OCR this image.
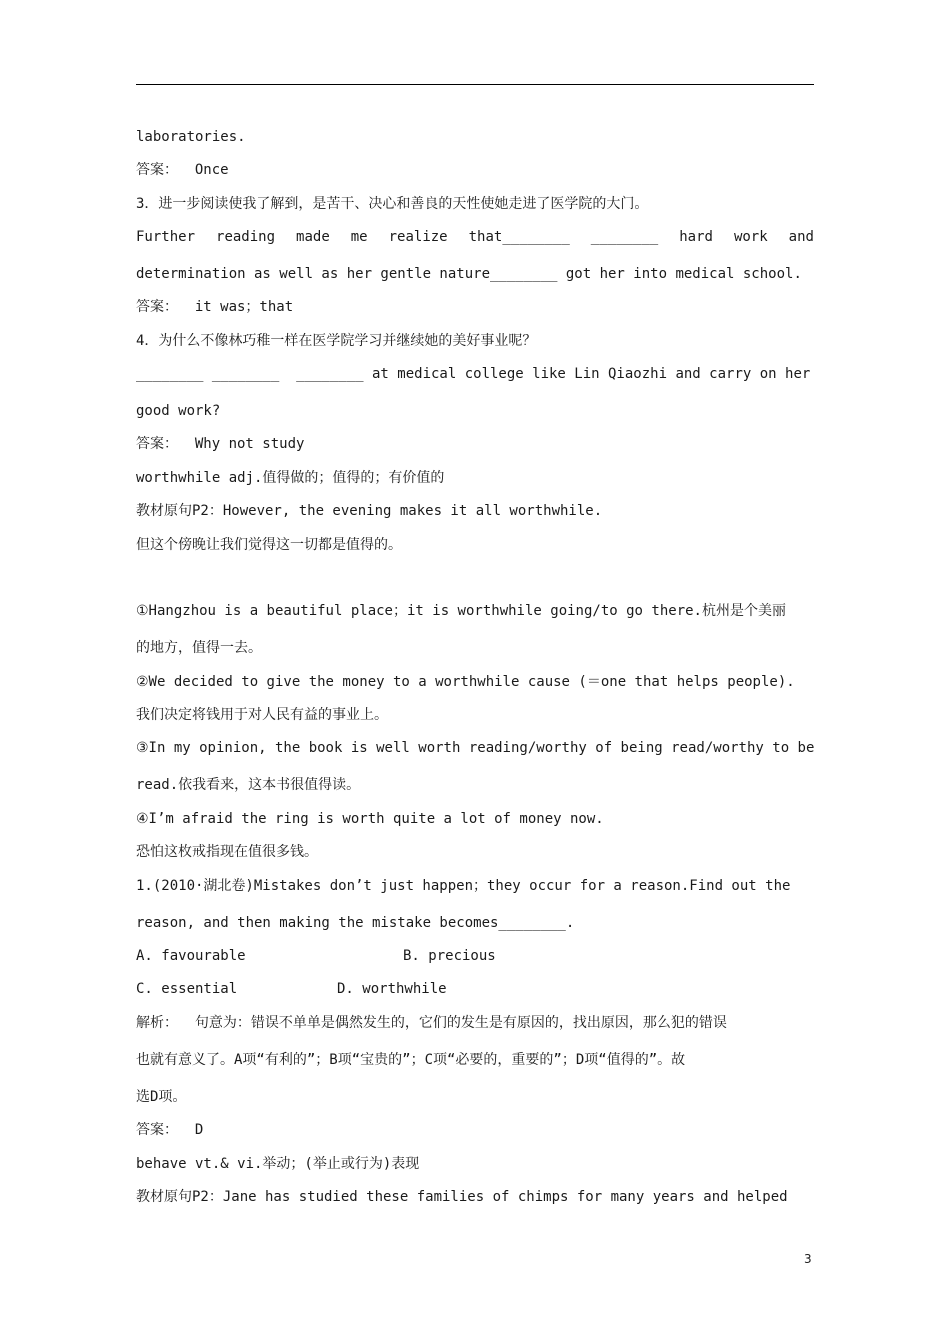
laboratories.
答案：  Once
3．进一步阅读使我了解到，是苦干、决心和善良的天性使她走进了医学院的大门。
Further reading made me realize that________ ________ hard work and
determination as well as her gentle nature________ got her into medical school.
答案：  it was；that
4．为什么不像林巧稚一样在医学院学习并继续她的美好事业呢？
________ ________  ________ at medical college like Lin Qiaozhi and carry on her
good work?
答案：  Why not study
worthwhile adj.值得做的；值得的；有价值的
教材原句P2：However, the evening makes it all worthwhile.
但这个傍晚让我们觉得这一切都是值得的。
①Hangzhou is a beautiful place；it is worthwhile going/to go there.杭州是个美丽
的地方，值得一去。
②We decided to give the money to a worthwhile cause (＝one that helps people).
我们决定将钱用于对人民有益的事业上。
③In my opinion, the book is well worth reading/worthy of being read/worthy to be
read.依我看来，这本书很值得读。
④I’m afraid the ring is worth quite a lot of money now.
恐怕这枚戒指现在值很多钱。
1.(2010·湖北卷)Mistakes don’t just happen；they occur for a reason.Find out the
reason, and then making the mistake becomes________.
A. favourable	B. precious
C. essential	D. worthwhile
解析：  句意为：错误不单单是偶然发生的，它们的发生是有原因的，找出原因，那么犯的错误
也就有意义了。A项“有利的”；B项“宝贵的”；C项“必要的，重要的”；D项“值得的”。故
选D项。
答案：  D
behave vt.& vi.举动；(举止或行为)表现
教材原句P2：Jane has studied these families of chimps for many years and helped
3
